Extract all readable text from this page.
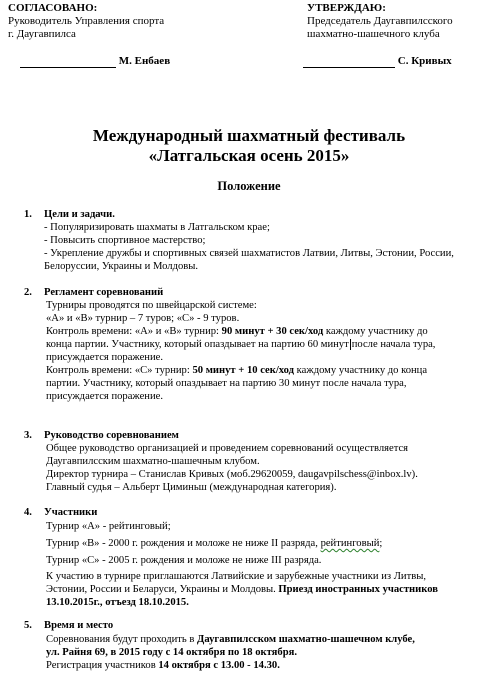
СОГЛАСОВАНО:
Руководитель Управления спорта
г. Даугавпилса
М. Енбаев
УТВЕРЖДАЮ:
Председатель Даугавпилсского
шахматно-шашечного клуба
С. Кривых
Международный шахматный фестиваль
«Латгальская осень 2015»
Положение
1. Цели и задачи.
- Популяризировать шахматы в Латгальском крае;
- Повысить спортивное мастерство;
- Укрепление дружбы и спортивных связей шахматистов Латвии, Литвы, Эстонии, России,
Белоруссии, Украины и Молдовы.
2. Регламент соревнований
Турниры проводятся по швейцарской системе:
«А» и «В» турнир – 7 туров; «С» - 9 туров.
Контроль времени: «А» и «В» турнир: 90 минут + 30 сек/ход каждому участнику до
конца партии. Участнику, который опаздывает на партию 60 минут после начала тура,
присуждается поражение.
Контроль времени: «С» турнир: 50 минут + 10 сек/ход каждому участнику до конца
партии. Участнику, который опаздывает на партию 30 минут после начала тура,
присуждается поражение.
3. Руководство соревнованием
Общее руководство организацией и проведением соревнований осуществляется
Даугавпилсским шахматно-шашечным клубом.
Директор турнира – Станислав Кривых (моб.29620059, daugavpilschess@inbox.lv).
Главный судья – Альберт Циминьш (международная категория).
4. Участники
Турнир «А» - рейтинговый;
Турнир «В» - 2000 г. рождения и моложе не ниже II разряда, рейтинговый;
Турнир «С» - 2005 г. рождения и моложе не ниже III разряда.
К участию в турнире приглашаются Латвийские и зарубежные участники из Литвы,
Эстонии, России и Беларуси, Украины и Молдовы. Приезд иностранных участников
13.10.2015г., отъезд 18.10.2015.
5. Время и место
Соревнования будут проходить в Даугавпилсском шахматно-шашечном клубе,
ул. Райня 69, в 2015 году с 14 октября по 18 октября.
Регистрация участников 14 октября с 13.00 - 14.30.
